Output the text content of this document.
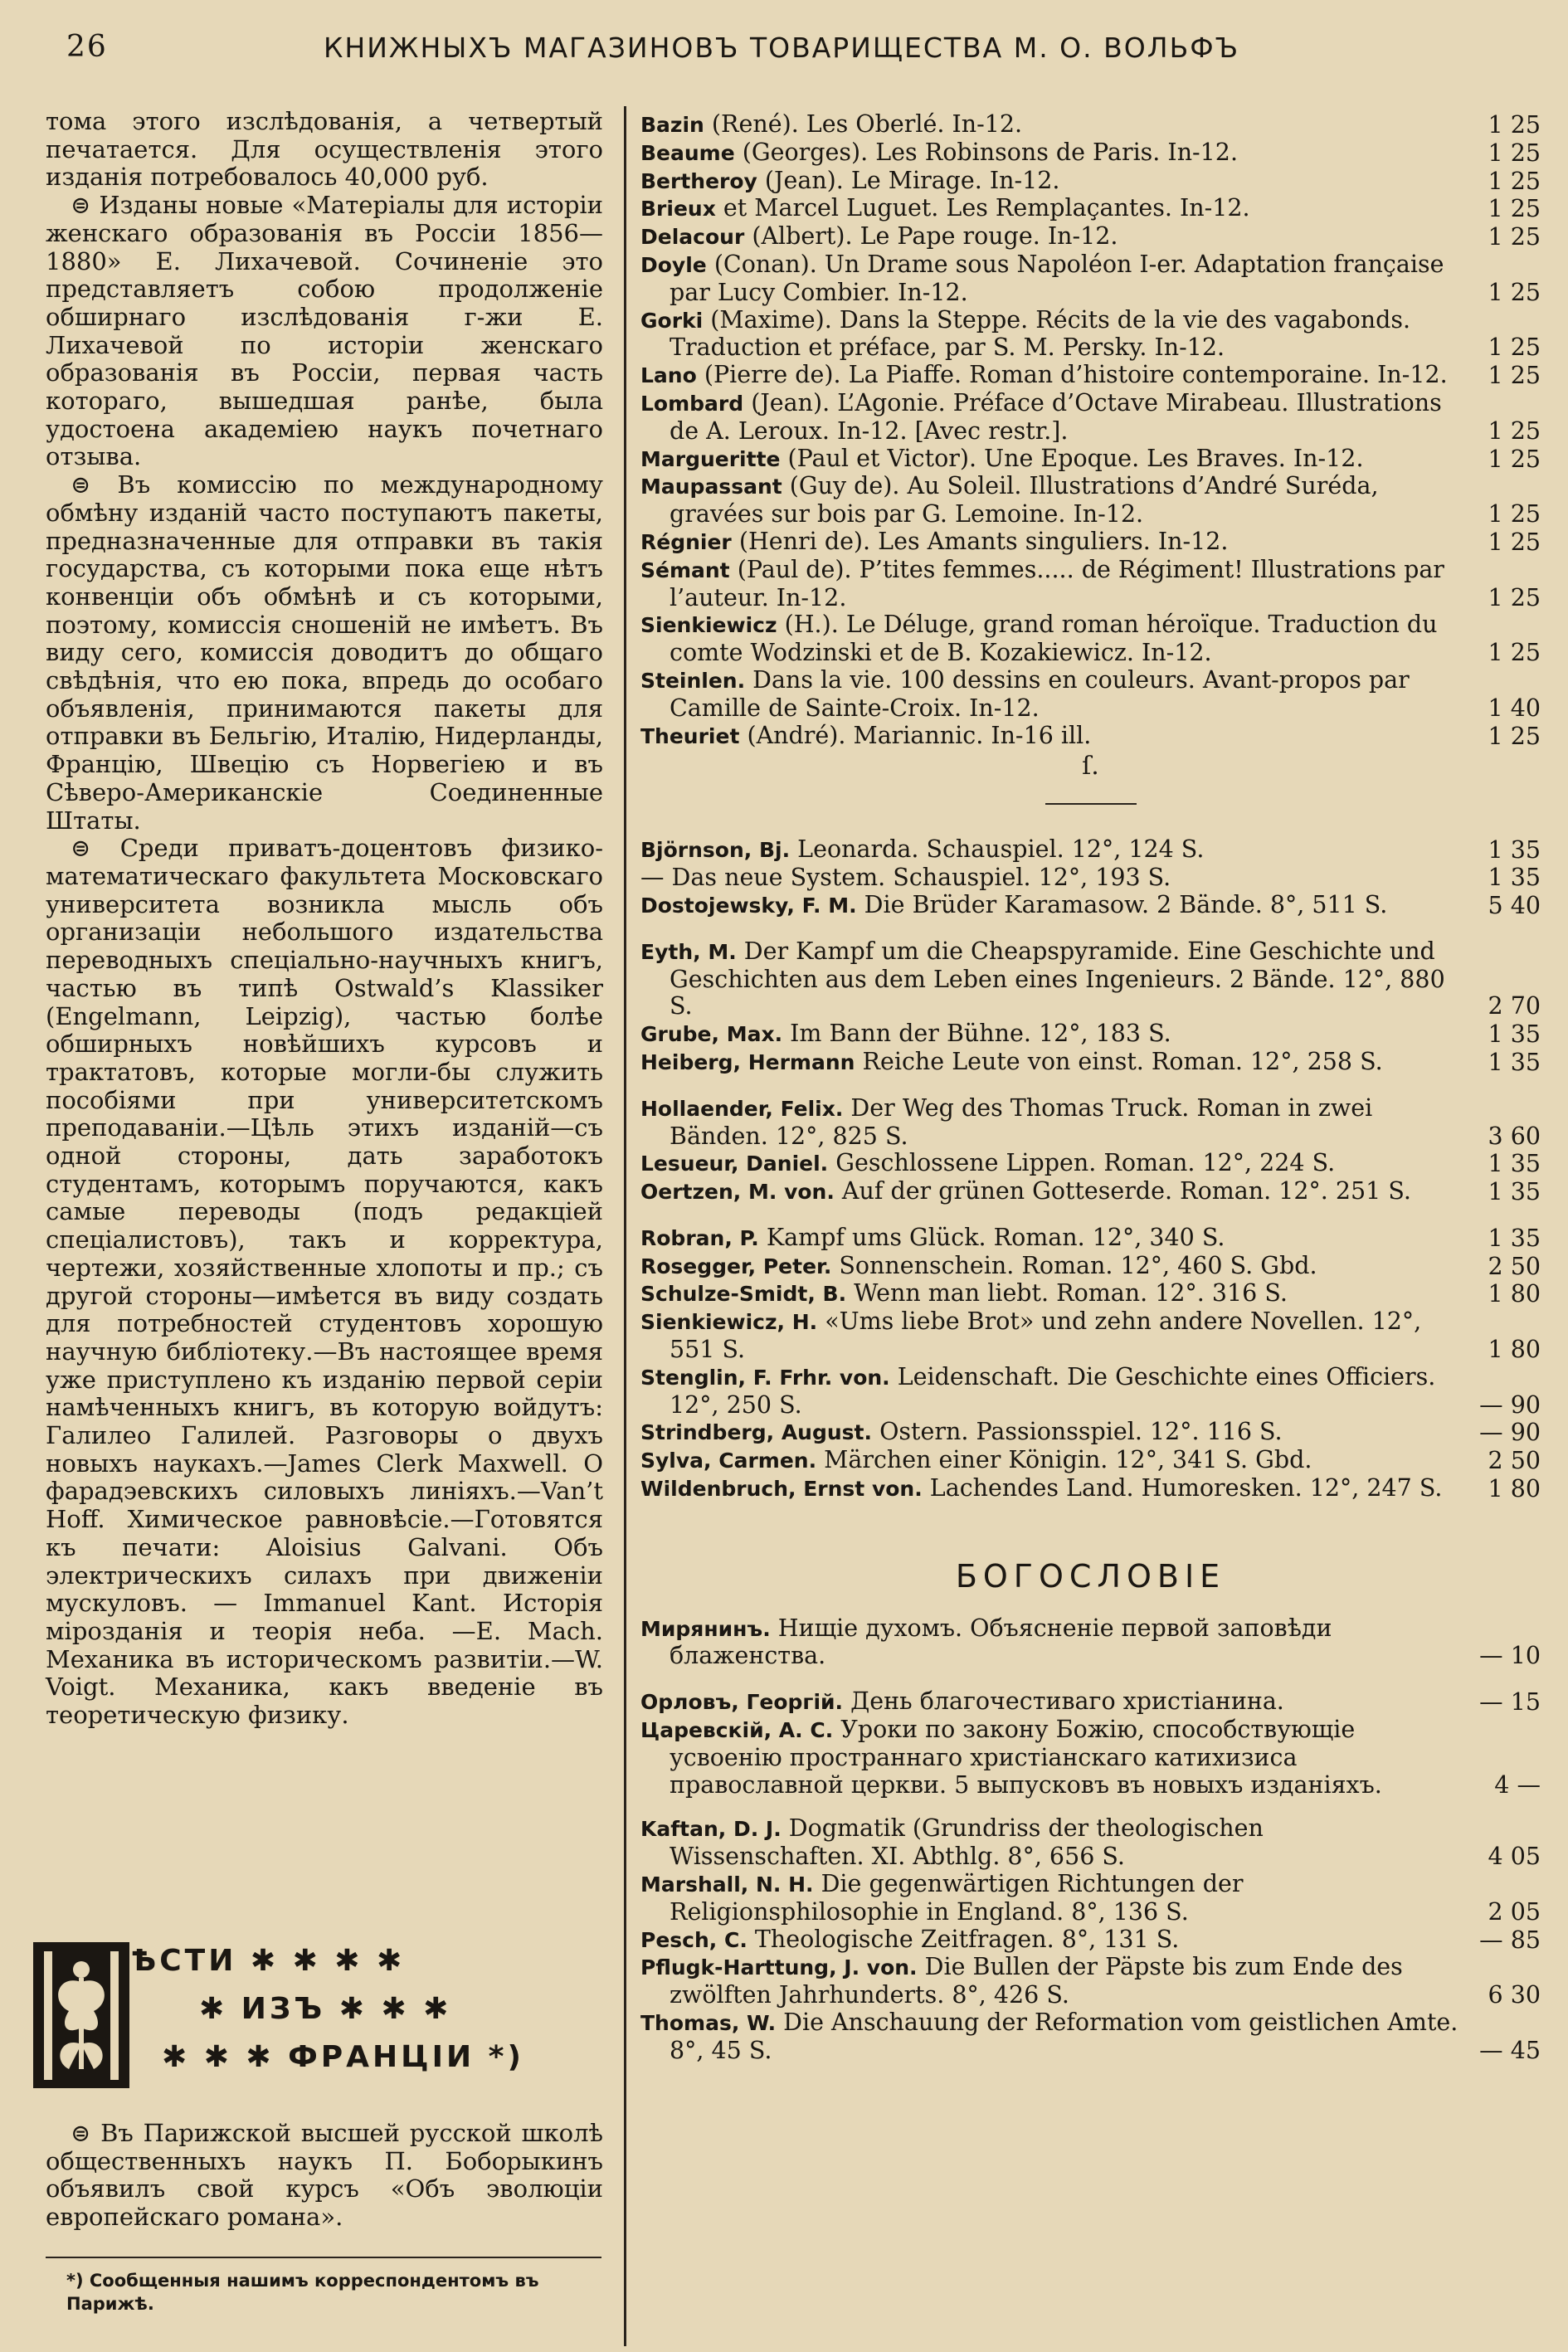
26	КНИЖНЫХЪ МАГАЗИНОВЪ ТОВАРИЩЕСТВА М. О. ВОЛЬФЪ

тома этого изслѣдованія, а четвертый печатается. Для осуществленія этого изданія потребовалось 40,000 руб.

⊜ Изданы новые «Матеріалы для исторіи женскаго образованія въ Россіи 1856—1880» Е. Лихачевой. Сочиненіе это представляетъ собою продолженіе обширнаго изслѣдованія г-жи Е. Лихачевой по исторіи женскаго образованія въ Россіи, первая часть котораго, вышедшая ранѣе, была удостоена академіею наукъ почетнаго отзыва.

⊜ Въ комиссію по международному обмѣну изданій часто поступаютъ пакеты, предназначенные для отправки въ такія государства, съ которыми пока еще нѣтъ конвенціи объ обмѣнѣ и съ которыми, поэтому, комиссія сношеній не имѣетъ. Въ виду сего, комиссія доводитъ до общаго свѣдѣнія, что ею пока, впредь до особаго объявленія, принимаются пакеты для отправки въ Бельгію, Италію, Нидерланды, Францію, Швецію съ Норвегіею и въ Сѣверо-Американскіе Соединенные Штаты.

⊜ Среди приватъ-доцентовъ физико-математическаго факультета Московскаго университета возникла мысль объ организаціи небольшого издательства переводныхъ спеціально-научныхъ книгъ, частью въ типѣ Ostwald’s Klassiker (Engelmann, Leipzig), частью болѣе обширныхъ новѣйшихъ курсовъ и трактатовъ, которые могли-бы служить пособіями при университетскомъ преподаваніи.—Цѣль этихъ изданій—съ одной стороны, дать заработокъ студентамъ, которымъ поручаются, какъ самые переводы (подъ редакціей спеціалистовъ), такъ и корректура, чертежи, хозяйственные хлопоты и пр.; съ другой стороны—имѣется въ виду создать для потребностей студентовъ хорошую научную библіотеку.—Въ настоящее время уже приступлено къ изданію первой серіи намѣченныхъ книгъ, въ которую войдутъ: Галилео Галилей. Разговоры о двухъ новыхъ наукахъ.—James Clerk Maxwell. О фарадэевскихъ силовыхъ линіяхъ.—Van’t Hoff. Химическое равновѣсіе.—Готовятся къ печати: Aloisius Galvani. Объ электрическихъ силахъ при движеніи мускуловъ. — Immanuel Kant. Исторія мірозданія и теорія неба. —E. Mach. Механика въ историческомъ развитіи.—W. Voigt. Механика, какъ введеніе въ теоретическую физику.

ѢСТИ ✱ ✱ ✱ ✱
✱ ИЗЪ ✱ ✱ ✱
✱ ✱ ✱ ФРАНЦІИ *)

⊜ Въ Парижской высшей русской школѣ общественныхъ наукъ П. Боборыкинъ объявилъ свой курсъ «Объ эволюціи европейскаго романа».

*) Сообщенныя нашимъ корреспондентомъ въ Парижѣ.
Bazin (René). Les Oberlé. In-12.	1 25
Beaume (Georges). Les Robinsons de Paris. In-12.	1 25
Bertheroy (Jean). Le Mirage. In-12.	1 25
Brieux et Marcel Luguet. Les Remplaçantes. In-12.	1 25
Delacour (Albert). Le Pape rouge. In-12.	1 25
Doyle (Conan). Un Drame sous Napoléon I-er. Adaptation française par Lucy Combier. In-12.	1 25
Gorki (Maxime). Dans la Steppe. Récits de la vie des vagabonds. Traduction et préface, par S. M. Persky. In-12.	1 25
Lano (Pierre de). La Piaffe. Roman d’histoire contemporaine. In-12.	1 25
Lombard (Jean). L’Agonie. Préface d’Octave Mirabeau. Illustrations de A. Leroux. In-12. [Avec restr.].	1 25
Margueritte (Paul et Victor). Une Epoque. Les Braves. In-12.	1 25
Maupassant (Guy de). Au Soleil. Illustrations d’André Suréda, gravées sur bois par G. Lemoine. In-12.	1 25
Régnier (Henri de). Les Amants singuliers. In-12.	1 25
Sémant (Paul de). P’tites femmes..... de Régiment! Illustrations par l’auteur. In-12.	1 25
Sienkiewicz (H.). Le Déluge, grand roman héroïque. Traduction du comte Wodzinski et de B. Kozakiewicz. In-12.	1 25
Steinlen. Dans la vie. 100 dessins en couleurs. Avant-propos par Camille de Sainte-Croix. In-12.	1 40
Theuriet (André). Mariannic. In-16 ill.	1 25
ſ.
Björnson, Bj. Leonarda. Schauspiel. 12°, 124 S.	1 35
— Das neue System. Schauspiel. 12°, 193 S.	1 35
Dostojewsky, F. M. Die Brüder Karamasow. 2 Bände. 8°, 511 S.	5 40
Eyth, M. Der Kampf um die Cheapspyramide. Eine Geschichte und Geschichten aus dem Leben eines Ingenieurs. 2 Bände. 12°, 880 S.	2 70
Grube, Max. Im Bann der Bühne. 12°, 183 S.	1 35
Heiberg, Hermann Reiche Leute von einst. Roman. 12°, 258 S.	1 35
Hollaender, Felix. Der Weg des Thomas Truck. Roman in zwei Bänden. 12°, 825 S.	3 60
Lesueur, Daniel. Geschlossene Lippen. Roman. 12°, 224 S.	1 35
Oertzen, M. von. Auf der grünen Gotteserde. Roman. 12°. 251 S.	1 35
Robran, P. Kampf ums Glück. Roman. 12°, 340 S.	1 35
Rosegger, Peter. Sonnenschein. Roman. 12°, 460 S. Gbd.	2 50
Schulze-Smidt, B. Wenn man liebt. Roman. 12°. 316 S.	1 80
Sienkiewicz, H. «Ums liebe Brot» und zehn andere Novellen. 12°, 551 S.	1 80
Stenglin, F. Frhr. von. Leidenschaft. Die Geschichte eines Officiers. 12°, 250 S.	— 90
Strindberg, August. Ostern. Passionsspiel. 12°. 116 S.	— 90
Sylva, Carmen. Märchen einer Königin. 12°, 341 S. Gbd.	2 50
Wildenbruch, Ernst von. Lachendes Land. Humoresken. 12°, 247 S.	1 80
БОГОСЛОВІЕ
Мирянинъ. Нищіе духомъ. Объясненіе первой заповѣди блаженства.	— 10
Орловъ, Георгій. День благочестиваго христіанина.	— 15
Царевскій, А. С. Уроки по закону Божію, способствующіе усвоенію пространнаго христіанскаго катихизиса православной церкви. 5 выпусковъ въ новыхъ изданіяхъ.	4 —
Kaftan, D. J. Dogmatik (Grundriss der theologischen Wissenschaften. XI. Abthlg. 8°, 656 S.	4 05
Marshall, N. H. Die gegenwärtigen Richtungen der Religionsphilosophie in England. 8°, 136 S.	2 05
Pesch, C. Theologische Zeitfragen. 8°, 131 S.	— 85
Pflugk-Harttung, J. von. Die Bullen der Päpste bis zum Ende des zwölften Jahrhunderts. 8°, 426 S.	6 30
Thomas, W. Die Anschauung der Reformation vom geistlichen Amte. 8°, 45 S.	— 45
